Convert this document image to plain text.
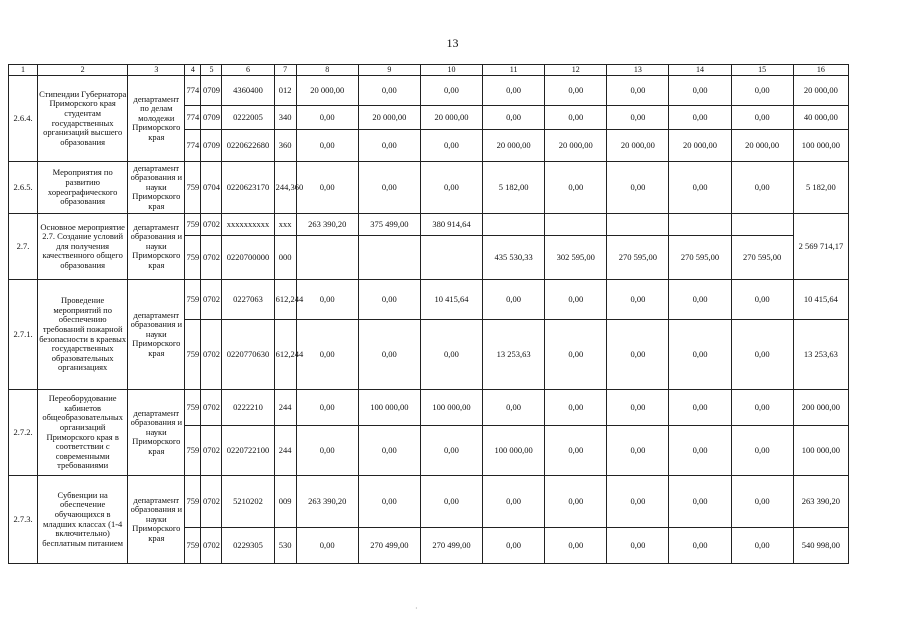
13
1	2	3	4	5	6	7	8	9	10	11	12	13	14	15	16
2.6.4.	Стипендии Губернатора Приморского края студентам государственных организаций высшего образования	департамент по делам молодежи Приморского края	774	0709	4360400	012	20 000,00	0,00	0,00	0,00	0,00	0,00	0,00	0,00	20 000,00
			774	0709	0222005	340	0,00	20 000,00	20 000,00	0,00	0,00	0,00	0,00	0,00	40 000,00
			774	0709	0220622680	360	0,00	0,00	0,00	20 000,00	20 000,00	20 000,00	20 000,00	20 000,00	100 000,00
2.6.5.	Мероприятия по развитию хореографического образования	департамент образования и науки Приморского края	759	0704	0220623170	244,360	0,00	0,00	0,00	5 182,00	0,00	0,00	0,00	0,00	5 182,00
2.7.	Основное мероприятие 2.7. Создание условий для получения качественного общего образования	департамент образования и науки Приморского края	759	0702	xxxxxxxxxx	xxx	263 390,20	375 499,00	380 914,64						2 569 714,17
			759	0702	0220700000	000				435 530,33	302 595,00	270 595,00	270 595,00	270 595,00	
2.7.1.	Проведение мероприятий по обеспечению требований пожарной безопасности в краевых государственных образовательных организациях	департамент образования и науки Приморского края	759	0702	0227063	612,244	0,00	0,00	10 415,64	0,00	0,00	0,00	0,00	0,00	10 415,64
			759	0702	0220770630	612,244	0,00	0,00	0,00	13 253,63	0,00	0,00	0,00	0,00	13 253,63
2.7.2.	Переоборудование кабинетов общеобразовательных организаций Приморского края в соответствии с современными требованиями	департамент образования и науки Приморского края	759	0702	0222210	244	0,00	100 000,00	100 000,00	0,00	0,00	0,00	0,00	0,00	200 000,00
			759	0702	0220722100	244	0,00	0,00	0,00	100 000,00	0,00	0,00	0,00	0,00	100 000,00
2.7.3.	Субвенции на обеспечение обучающихся в младших классах (1-4 включительно) бесплатным питанием	департамент образования и науки Приморского края	759	0702	5210202	009	263 390,20	0,00	0,00	0,00	0,00	0,00	0,00	0,00	263 390,20
			759	0702	0229305	530	0,00	270 499,00	270 499,00	0,00	0,00	0,00	0,00	0,00	540 998,00
·
